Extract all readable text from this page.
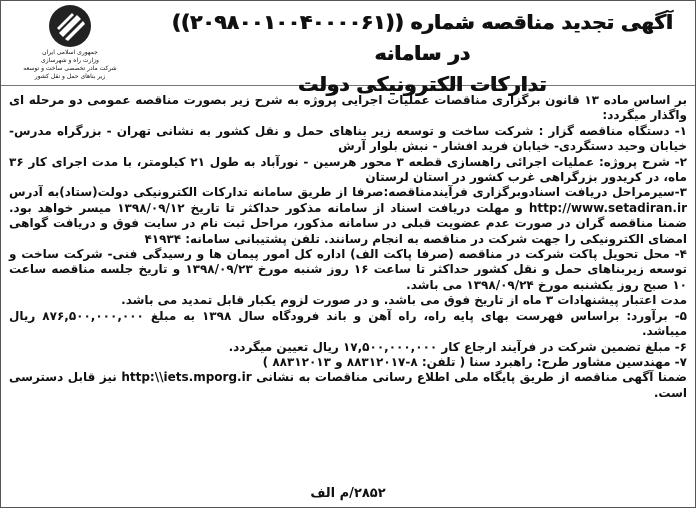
جمهوری اسلامی ایران
وزارت راه و شهرسازی
شرکت مادر تخصصی ساخت و توسعه
زیر بناهای حمل و نقل کشور
آگهی تجدید مناقصه شماره ((۲۰۹۸۰۰۱۰۰۴۰۰۰۰۶۱)) در سامانه
تدارکات الکترونیکی دولت

بر اساس ماده ۱۳ قانون برگزاری مناقصات عملیات اجرایی پروژه به شرح زیر بصورت مناقصه عمومی دو مرحله ای واگذار میگردد:

۱- دستگاه مناقصه گزار : شرکت ساخت و توسعه زیر بناهای حمل و نقل کشور به نشانی تهران - بزرگراه مدرس- خیابان وحید دستگردی- خیابان فرید افشار - نبش بلوار آرش

۲- شرح پروژه: عملیات اجرائی راهسازی قطعه ۳ محور هرسین - نورآباد به طول ۲۱ کیلومتر، با مدت اجرای کار ۳۶ ماه، در کریدور بزرگراهی غرب کشور در استان لرستان

۳-سیرمراحل دریافت اسنادوبرگزاری فرآیندمناقصه:صرفا از طریق سامانه تدارکات الکترونیکی دولت(ستاد)به آدرس http://www.setadiran.ir و مهلت دریافت اسناد از سامانه مذکور حداکثر تا تاریخ ۱۳۹۸/۰۹/۱۲ میسر خواهد بود. ضمنا مناقصه گران در صورت عدم عضویت قبلی در سامانه مذکور، مراحل ثبت نام در سایت فوق و دریافت گواهی امضای الکترونیکی را جهت شرکت در مناقصه به انجام رسانند. تلفن پشتیبانی سامانه: ۴۱۹۳۴

۴- محل تحویل پاکت شرکت در مناقصه (صرفا پاکت الف) اداره کل امور پیمان ها و رسیدگی فنی- شرکت ساخت و توسعه زیربناهای حمل و نقل کشور حداکثر تا ساعت ۱۶ روز شنبه مورخ ۱۳۹۸/۰۹/۲۳ و تاریخ جلسه مناقصه ساعت ۱۰ صبح روز یکشنبه مورخ ۱۳۹۸/۰۹/۲۴ می باشد.

مدت اعتبار پیشنهادات ۳ ماه از تاریخ فوق می باشد. و در صورت لزوم یکبار قابل تمدید می باشد.

۵- برآورد: براساس فهرست بهای پایه راه، راه آهن و باند فرودگاه سال ۱۳۹۸ به مبلغ ۸۷۶,۵۰۰,۰۰۰,۰۰۰ ریال میباشد.

۶- مبلغ تضمین شرکت در فرآیند ارجاع کار ۱۷,۵۰۰,۰۰۰,۰۰۰ ریال تعیین میگردد.

۷- مهندسین مشاور طرح: راهبرد سنا ( تلفن: ۸-۸۸۳۱۲۰۱۷ و ۸۸۳۱۲۰۱۳ )

ضمنا آگهی مناقصه از طریق پایگاه ملی اطلاع رسانی مناقصات به نشانی http:\\iets.mporg.ir نیز قابل دسترسی است.

۲۸۵۲/م الف
